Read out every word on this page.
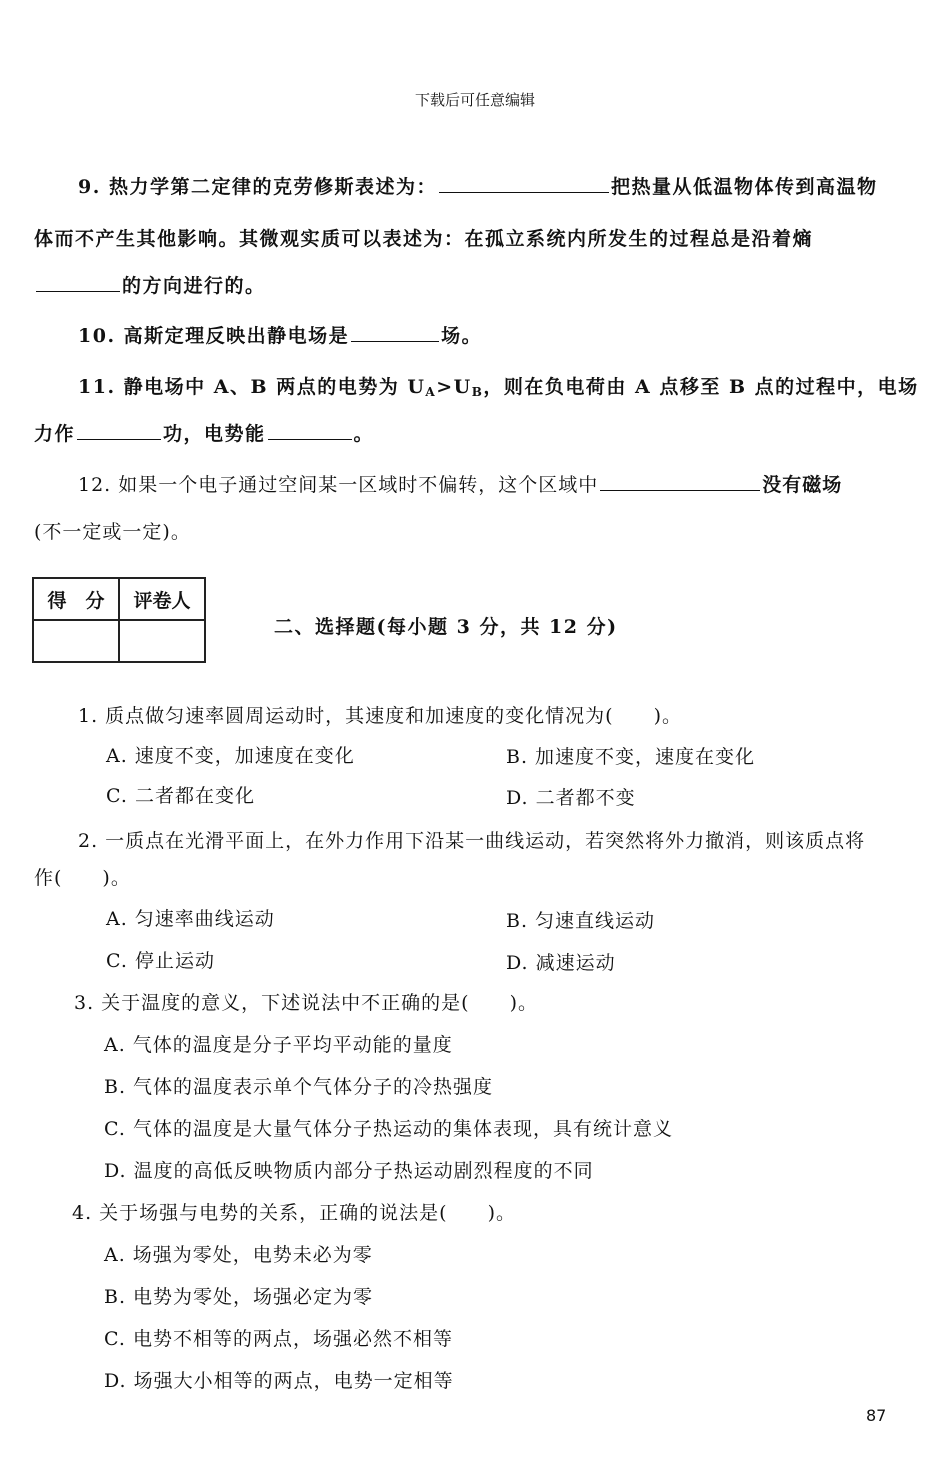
下载后可任意编辑
9. 热力学第二定律的克劳修斯表述为：	把热量从低温物体传到高温物
体而不产生其他影响。其微观实质可以表述为：在孤立系统内所发生的过程总是沿着熵
的方向进行的。
10. 高斯定理反映出静电场是	场。
11. 静电场中 A、B 两点的电势为 $U_A>U_B$，则在负电荷由 A 点移至 B 点的过程中，电场
力作	功，电势能	。
12. 如果一个电子通过空间某一区域时不偏转，这个区域中	没有磁场
(不一定或一定)。
得　分	评卷人

二、选择题(每小题 3 分，共 12 分)
1. 质点做匀速率圆周运动时，其速度和加速度的变化情况为(　　)。
A. 速度不变，加速度在变化	B. 加速度不变，速度在变化
C. 二者都在变化	D. 二者都不变
2. 一质点在光滑平面上，在外力作用下沿某一曲线运动，若突然将外力撤消，则该质点将
作(　　)。
A. 匀速率曲线运动	B. 匀速直线运动
C. 停止运动	D. 减速运动
3. 关于温度的意义，下述说法中不正确的是(　　)。
A. 气体的温度是分子平均平动能的量度
B. 气体的温度表示单个气体分子的冷热强度
C. 气体的温度是大量气体分子热运动的集体表现，具有统计意义
D. 温度的高低反映物质内部分子热运动剧烈程度的不同
4. 关于场强与电势的关系，正确的说法是(　　)。
A. 场强为零处，电势未必为零
B. 电势为零处，场强必定为零
C. 电势不相等的两点，场强必然不相等
D. 场强大小相等的两点，电势一定相等
87
